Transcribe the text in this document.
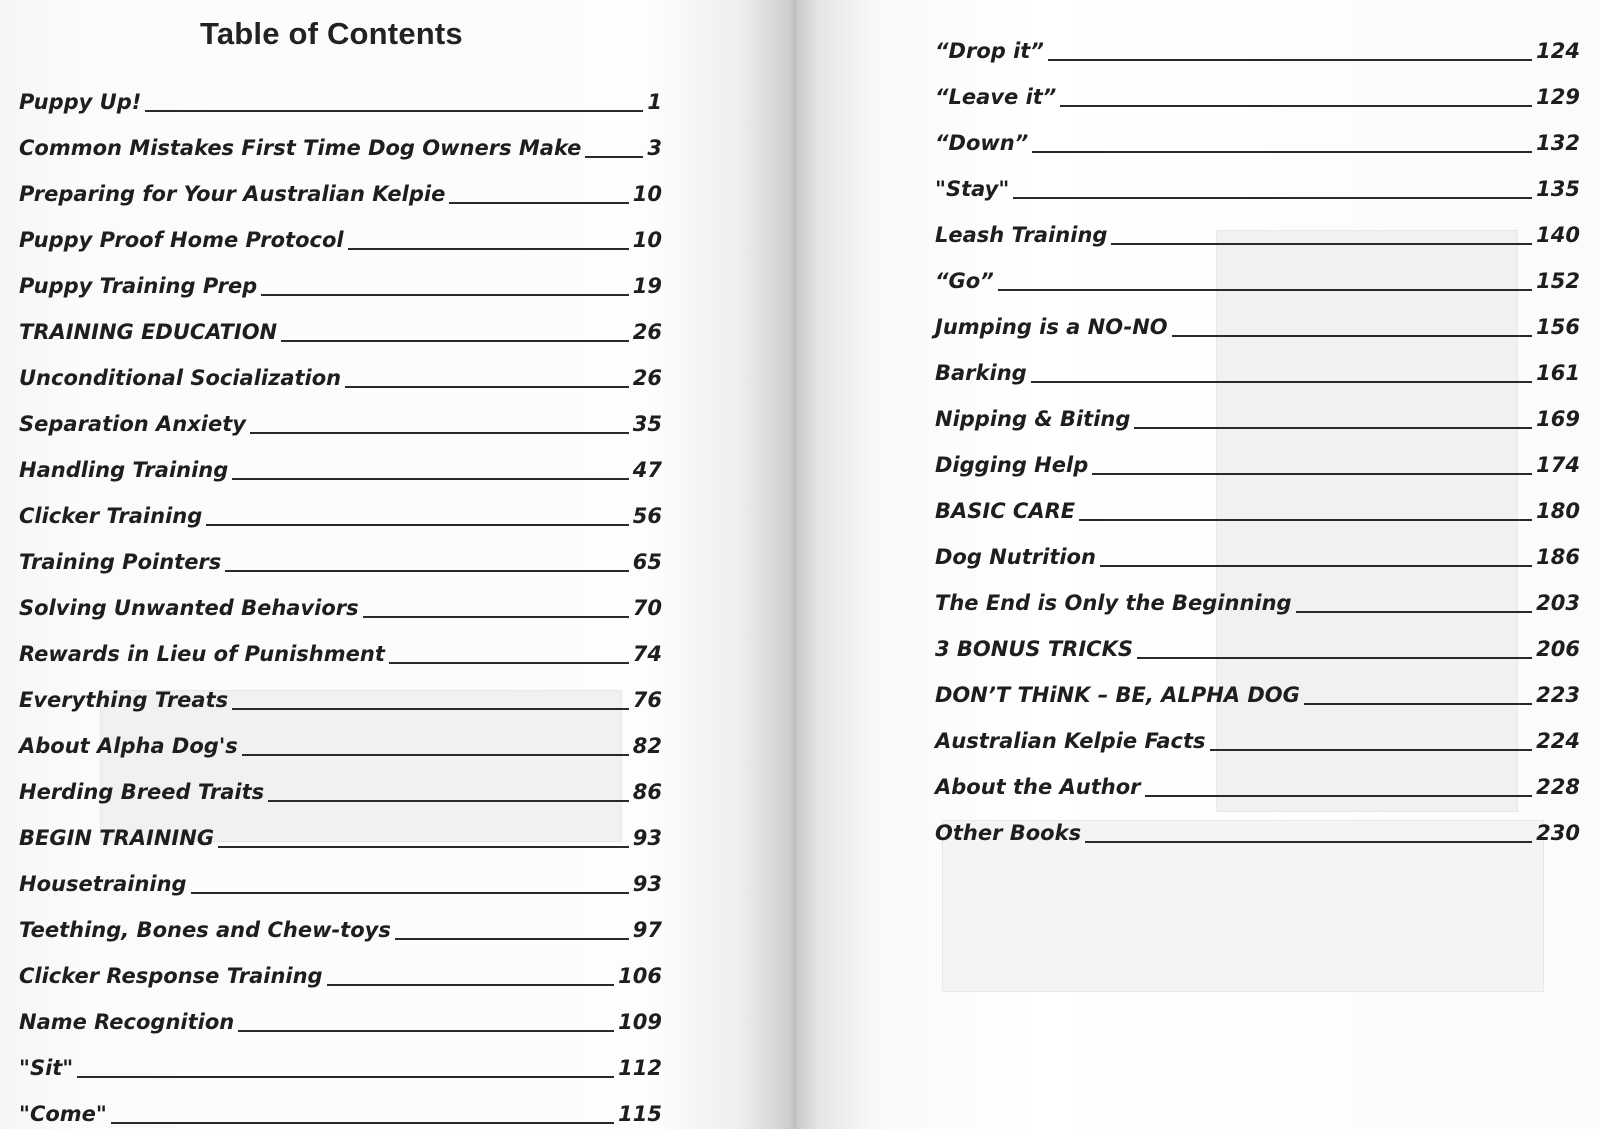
Table of Contents
Puppy Up!	1
Common Mistakes First Time Dog Owners Make	3
Preparing for Your Australian Kelpie	10
Puppy Proof Home Protocol	10
Puppy Training Prep	19
TRAINING EDUCATION	26
Unconditional Socialization	26
Separation Anxiety	35
Handling Training	47
Clicker Training	56
Training Pointers	65
Solving Unwanted Behaviors	70
Rewards in Lieu of Punishment	74
Everything Treats	76
About Alpha Dog's	82
Herding Breed Traits	86
BEGIN TRAINING	93
Housetraining	93
Teething, Bones and Chew-toys	97
Clicker Response Training	106
Name Recognition	109
"Sit"	112
"Come"	115
“Drop it”	124
“Leave it”	129
“Down”	132
"Stay"	135
Leash Training	140
“Go”	152
Jumping is a NO-NO	156
Barking	161
Nipping & Biting	169
Digging Help	174
BASIC CARE	180
Dog Nutrition	186
The End is Only the Beginning	203
3 BONUS TRICKS	206
DON’T THiNK – BE, ALPHA DOG	223
Australian Kelpie Facts	224
About the Author	228
Other Books	230
